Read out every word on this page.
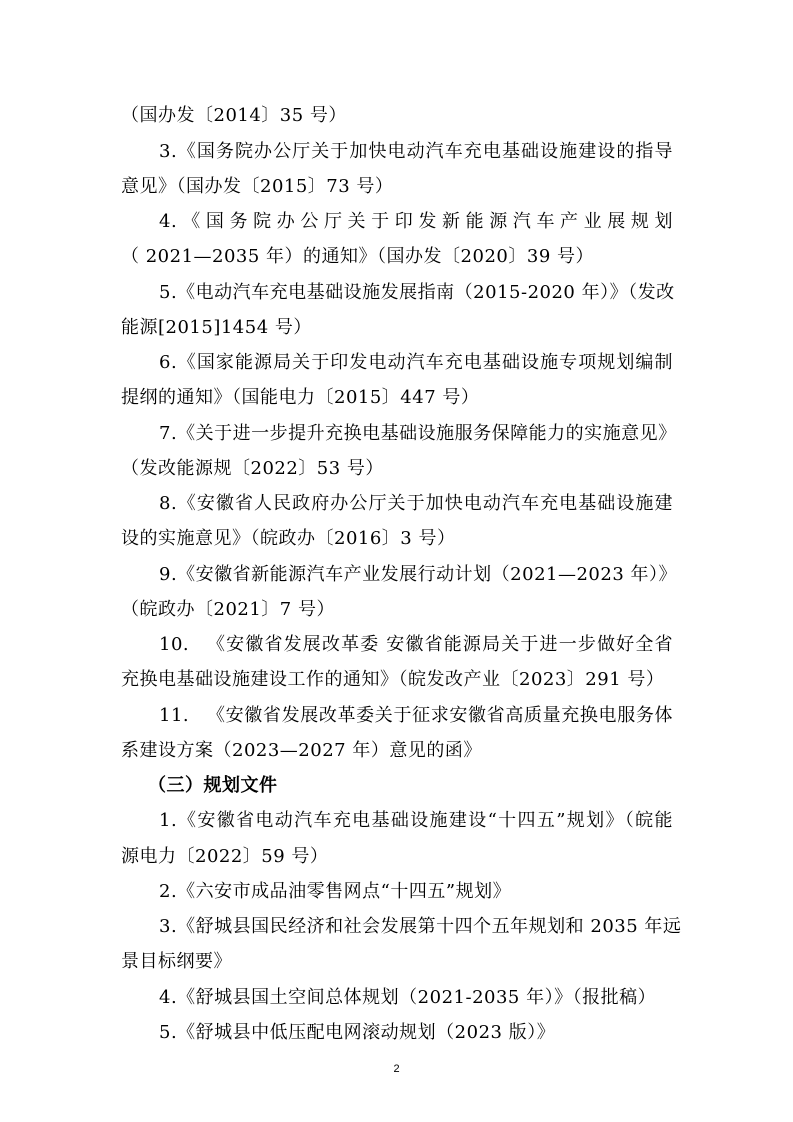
（国办发〔2014〕35 号）
3.《国务院办公厅关于加快电动汽车充电基础设施建设的指导
意见》（国办发〔2015〕73 号）
4.《国务院办公厅关于印发新能源汽车产业展规划
（ 2021—2035 年）的通知》（国办发〔2020〕39 号）
5.《电动汽车充电基础设施发展指南（2015-2020 年）》（发改
能源[2015]1454 号）
6.《国家能源局关于印发电动汽车充电基础设施专项规划编制
提纲的通知》（国能电力〔2015〕447 号）
7.《关于进一步提升充换电基础设施服务保障能力的实施意见》
（发改能源规〔2022〕53 号）
8.《安徽省人民政府办公厅关于加快电动汽车充电基础设施建
设的实施意见》（皖政办〔2016〕3 号）
9.《安徽省新能源汽车产业发展行动计划（2021—2023 年）》
（皖政办〔2021〕7 号）
10. 《安徽省发展改革委 安徽省能源局关于进一步做好全省
充换电基础设施建设工作的通知》（皖发改产业〔2023〕291 号）
11. 《安徽省发展改革委关于征求安徽省高质量充换电服务体
系建设方案（2023—2027 年）意见的函》
（三）规划文件
1.《安徽省电动汽车充电基础设施建设“十四五”规划》（皖能
源电力〔2022〕59 号）
2.《六安市成品油零售网点“十四五”规划》
3.《舒城县国民经济和社会发展第十四个五年规划和 2035 年远
景目标纲要》
4.《舒城县国土空间总体规划（2021-2035 年）》（报批稿）
5.《舒城县中低压配电网滚动规划（2023 版）》
2
